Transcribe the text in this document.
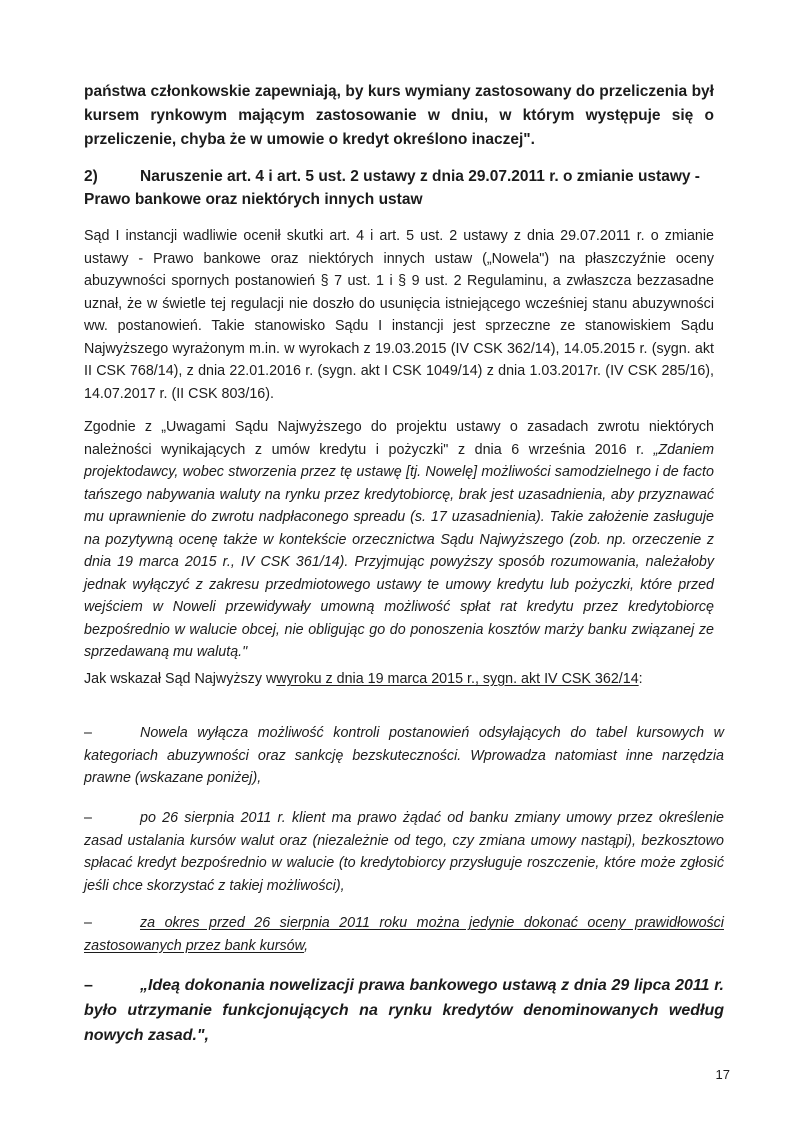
państwa członkowskie zapewniają, by kurs wymiany zastosowany do przeliczenia był kursem rynkowym mającym zastosowanie w dniu, w którym występuje się o przeliczenie, chyba że w umowie o kredyt określono inaczej".

2)	Naruszenie art. 4 i art. 5 ust. 2 ustawy z dnia 29.07.2011 r. o zmianie ustawy - Prawo bankowe oraz niektórych innych ustaw

Sąd I instancji wadliwie ocenił skutki art. 4 i art. 5 ust. 2 ustawy z dnia 29.07.2011 r. o zmianie ustawy - Prawo bankowe oraz niektórych innych ustaw („Nowela") na płaszczyźnie oceny abuzywności spornych postanowień § 7 ust. 1 i § 9 ust. 2 Regulaminu, a zwłaszcza bezzasadne uznał, że w świetle tej regulacji nie doszło do usunięcia istniejącego wcześniej stanu abuzywności ww. postanowień. Takie stanowisko Sądu I instancji jest sprzeczne ze stanowiskiem Sądu Najwyższego wyrażonym m.in. w wyrokach z 19.03.2015 (IV CSK 362/14), 14.05.2015 r. (sygn. akt II CSK 768/14), z dnia 22.01.2016 r. (sygn. akt I CSK 1049/14) z dnia 1.03.2017r. (IV CSK 285/16), 14.07.2017 r. (II CSK 803/16).

Zgodnie z „Uwagami Sądu Najwyższego do projektu ustawy o zasadach zwrotu niektórych należności wynikających z umów kredytu i pożyczki" z dnia 6 września 2016 r. „Zdaniem projektodawcy, wobec stworzenia przez tę ustawę [tj. Nowelę] możliwości samodzielnego i de facto tańszego nabywania waluty na rynku przez kredytobiorcę, brak jest uzasadnienia, aby przyznawać mu uprawnienie do zwrotu nadpłaconego spreadu (s. 17 uzasadnienia). Takie założenie zasługuje na pozytywną ocenę także w kontekście orzecznictwa Sądu Najwyższego (zob. np. orzeczenie z dnia 19 marca 2015 r., IV CSK 361/14). Przyjmując powyższy sposób rozumowania, należałoby jednak wyłączyć z zakresu przedmiotowego ustawy te umowy kredytu lub pożyczki, które przed wejściem w Noweli przewidywały umowną możliwość spłat rat kredytu przez kredytobiorcę bezpośrednio w walucie obcej, nie obligując go do ponoszenia kosztów marży banku związanej ze sprzedawaną mu walutą."

Jak wskazał Sąd Najwyższy wwyroku z dnia 19 marca 2015 r., sygn. akt IV CSK 362/14:

–	Nowela wyłącza możliwość kontroli postanowień odsyłających do tabel kursowych w kategoriach abuzywności oraz sankcję bezskuteczności. Wprowadza natomiast inne narzędzia prawne (wskazane poniżej),

–	po 26 sierpnia 2011 r. klient ma prawo żądać od banku zmiany umowy przez określenie zasad ustalania kursów walut oraz (niezależnie od tego, czy zmiana umowy nastąpi), bezkosztowo spłacać kredyt bezpośrednio w walucie (to kredytobiorcy przysługuje roszczenie, które może zgłosić jeśli chce skorzystać z takiej możliwości),

–	za okres przed 26 sierpnia 2011 roku można jedynie dokonać oceny prawidłowości zastosowanych przez bank kursów,

–	„Ideą dokonania nowelizacji prawa bankowego ustawą z dnia 29 lipca 2011 r. było utrzymanie funkcjonujących na rynku kredytów denominowanych według nowych zasad.",

17
